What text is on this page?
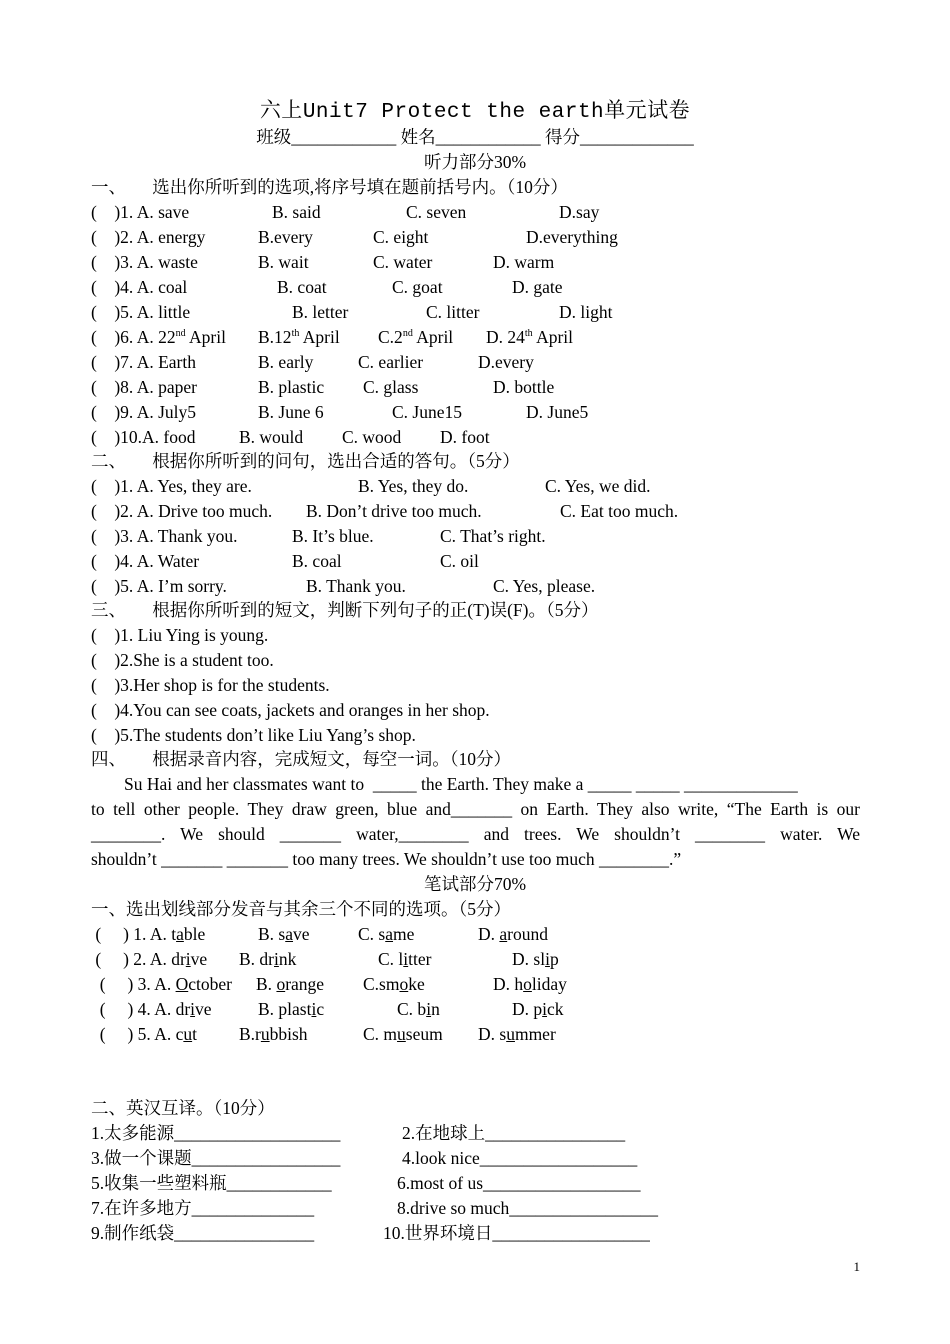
六上Unit7 Protect the earth单元试卷
班级____________ 姓名____________ 得分_____________
听力部分30%
一、      选出你所听到的选项,将序号填在题前括号内。（10分）
(    )1. A. save	B. said	C. seven	D.say
(    )2. A. energy	B.every	C. eight	D.everything
(    )3. A. waste	B. wait	C. water	D. warm
(    )4. A. coal	B. coat	C. goat	D. gate
(    )5. A. little	B. letter	C. litter	D. light
(    )6. A. 22nd April B.12th April C.2nd April D. 24th April
(    )7. A. Earth	B. early	C. earlier	D.every
(    )8. A. paper	B. plastic C. glass	D. bottle
(    )9. A. July5	B. June 6	C. June15	D. June5
(    )10.A. food B. would C. wood D. foot
二、      根据你所听到的问句，选出合适的答句。（5分）
(    )1. A. Yes, they are.	B. Yes, they do.	C. Yes, we did.
(    )2. A. Drive too much. B. Don’t drive too much.	C. Eat too much.
(    )3. A. Thank you.	B. It’s blue.	C. That’s right.
(    )4. A. Water	B. coal	C. oil
(    )5. A. I’m sorry.	B. Thank you.	C. Yes, please.
三、      根据你所听到的短文，判断下列句子的正(T)误(F)。（5分）
(    )1. Liu Ying is young.
(    )2.She is a student too.
(    )3.Her shop is for the students.
(    )4.You can see coats, jackets and oranges in her shop.
(    )5.The students don’t like Liu Yang’s shop.
四、      根据录音内容，完成短文，每空一词。（10分）
Su Hai and her classmates want to  _____ the Earth. They make a _____ _____ _____________
to tell other people. They draw green, blue and_______ on Earth. They also write, “The Earth is our
________. We should _______ water,________ and trees. We shouldn’t ________ water. We
shouldn’t _______ _______ too many trees. We shouldn’t use too much ________.”
笔试部分70%
一、选出划线部分发音与其余三个不同的选项。（5分）
(     ) 1. A. table	B. save	C. same	D. around
(     ) 2. A. drive B. drink	C. litter	D. slip
(     ) 3. A. October B. orange C.smoke	D. holiday
(     ) 4. A. drive	B. plastic	C. bin	D. pick
(     ) 5. A. cut B.rubbish	C. museum D. summer
二、英汉互译。（10分）
1.太多能源___________________	2.在地球上________________
3.做一个课题_________________	4.look nice__________________
5.收集一些塑料瓶____________	6.most of us__________________
7.在许多地方______________	8.drive so much_________________
9.制作纸袋________________	10.世界环境日__________________
1
